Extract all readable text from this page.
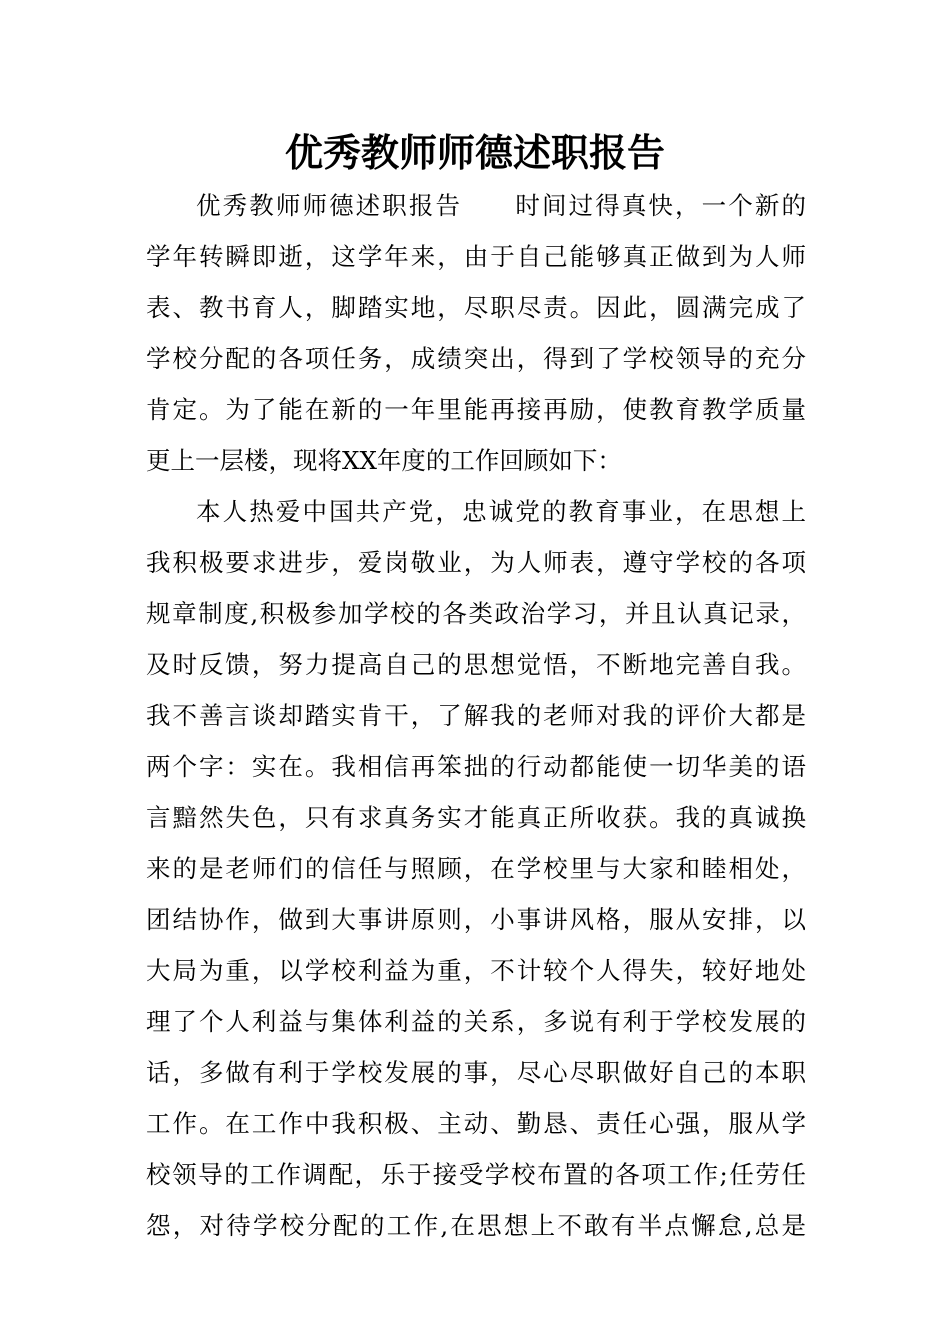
优秀教师师德述职报告
优秀教师师德述职报告　　时间过得真快，一个新的
学年转瞬即逝，这学年来，由于自己能够真正做到为人师
表、教书育人，脚踏实地，尽职尽责。因此，圆满完成了
学校分配的各项任务，成绩突出，得到了学校领导的充分
肯定。为了能在新的一年里能再接再励，使教育教学质量
更上一层楼，现将XX年度的工作回顾如下：
本人热爱中国共产党，忠诚党的教育事业，在思想上
我积极要求进步，爱岗敬业，为人师表，遵守学校的各项
规章制度,积极参加学校的各类政治学习，并且认真记录，
及时反馈，努力提高自己的思想觉悟，不断地完善自我。
我不善言谈却踏实肯干，了解我的老师对我的评价大都是
两个字：实在。我相信再笨拙的行动都能使一切华美的语
言黯然失色，只有求真务实才能真正所收获。我的真诚换
来的是老师们的信任与照顾，在学校里与大家和睦相处，
团结协作，做到大事讲原则，小事讲风格，服从安排，以
大局为重，以学校利益为重，不计较个人得失，较好地处
理了个人利益与集体利益的关系，多说有利于学校发展的
话，多做有利于学校发展的事，尽心尽职做好自己的本职
工作。在工作中我积极、主动、勤恳、责任心强，服从学
校领导的工作调配，乐于接受学校布置的各项工作;任劳任
怨，对待学校分配的工作,在思想上不敢有半点懈怠,总是
